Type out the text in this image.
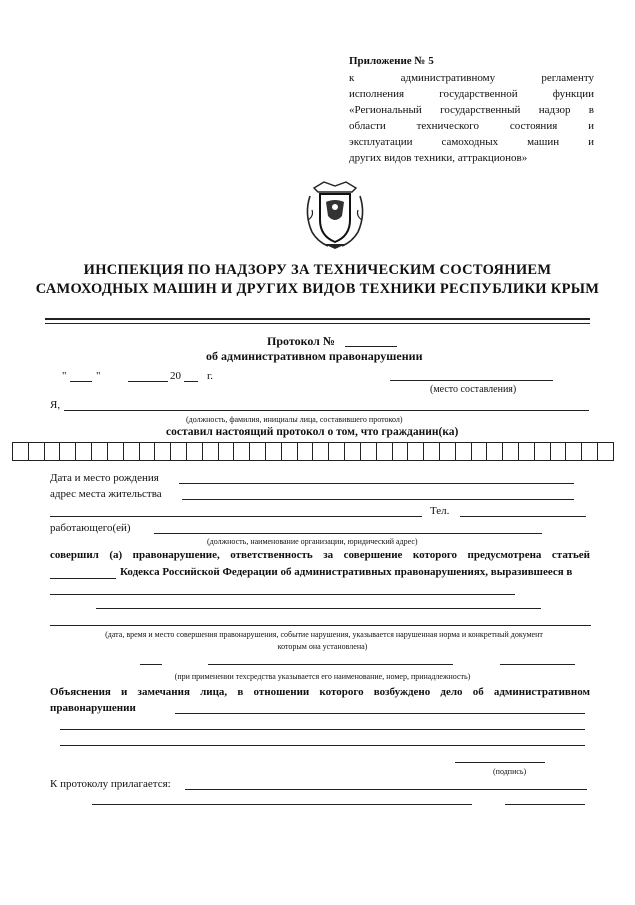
Приложение № 5
к административному регламенту
исполнения государственной функции
«Региональный государственный надзор в
области технического состояния и
эксплуатации самоходных машин и
других видов техники, аттракционов»
ИНСПЕКЦИЯ ПО НАДЗОРУ ЗА ТЕХНИЧЕСКИМ СОСТОЯНИЕМ
САМОХОДНЫХ МАШИН И ДРУГИХ ВИДОВ ТЕХНИКИ РЕСПУБЛИКИ КРЫМ
Протокол №
об административном правонарушении
"	"	20 г.
(место составления)
Я,
(должность, фамилия, инициалы лица, составившего протокол)
составил настоящий протокол о том, что гражданин(ка)
Дата и место рождения
адрес места жительства
Тел.
работающего(ей)
(должность, наименование организации, юридический адрес)
совершил (а) правонарушение, ответственность за совершение которого предусмотрена статьей
Кодекса Российской Федерации об административных правонарушениях, выразившееся в
(дата, время и место совершения правонарушения, событие нарушения, указывается нарушенная норма и конкретный документ
которым она установлена)
(при применении техсредства указывается его наименование, номер, принадлежность)
Объяснения и замечания лица, в отношении которого возбуждено дело об административном
правонарушении
(подпись)
К протоколу прилагается:
